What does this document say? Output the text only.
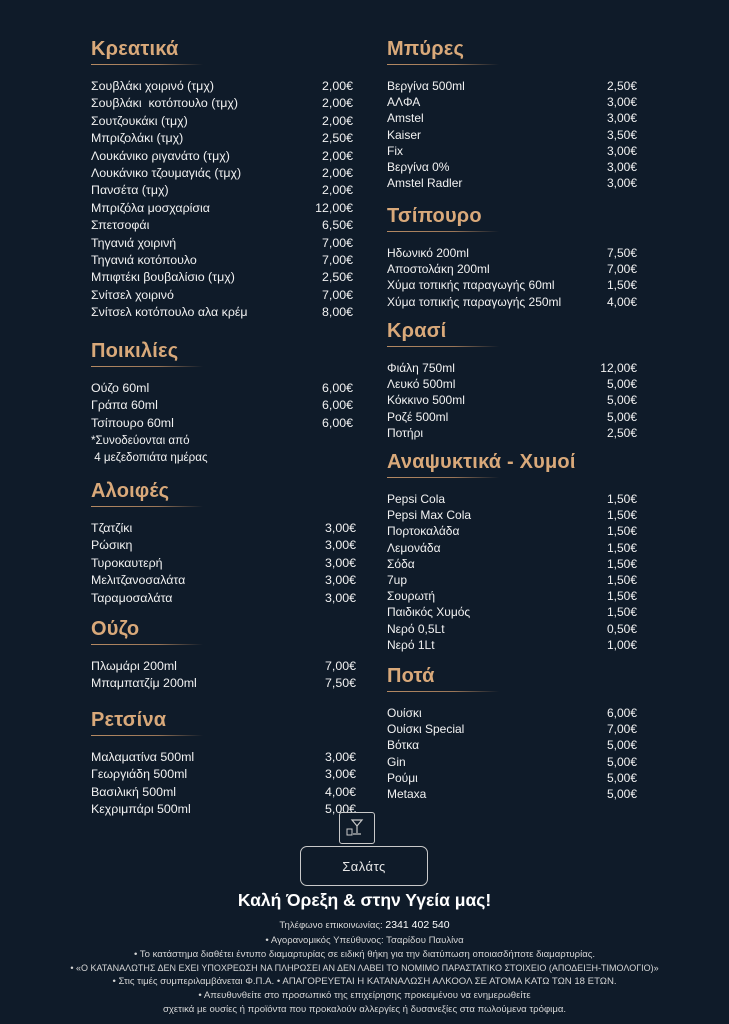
Κρεατικά
Σουβλάκι χοιρινό (τμχ)	2,00€
Σουβλάκι  κοτόπουλο (τμχ)	2,00€
Σουτζουκάκι (τμχ)	2,00€
Μπριζολάκι (τμχ)	2,50€
Λουκάνικο ριγανάτο (τμχ)	2,00€
Λουκάνικο τζουμαγιάς (τμχ)	2,00€
Πανσέτα (τμχ)	2,00€
Μπριζόλα μοσχαρίσια	12,00€
Σπετσοφάι	6,50€
Τηγανιά χοιρινή	7,00€
Τηγανιά κοτόπουλο	7,00€
Μπιφτέκι βουβαλίσιο (τμχ)	2,50€
Σνίτσελ χοιρινό	7,00€
Σνίτσελ κοτόπουλο αλα κρέμ	8,00€
Ποικιλίες
Ούζο 60ml	6,00€
Γράπα 60ml	6,00€
Τσίπουρο 60ml	6,00€
*Συνοδεύονται από
4 μεζεδοπιάτα ημέρας
Αλοιφές
Τζατζίκι	3,00€
Ρώσικη	3,00€
Τυροκαυτερή	3,00€
Μελιτζανοσαλάτα	3,00€
Ταραμοσαλάτα	3,00€
Ούζο
Πλωμάρι 200ml	7,00€
Μπαμπατζίμ 200ml	7,50€
Ρετσίνα
Μαλαματίνα 500ml	3,00€
Γεωργιάδη 500ml	3,00€
Βασιλική 500ml	4,00€
Κεχριμπάρι 500ml	5,00€
Μπύρες
Βεργίνα 500ml	2,50€
ΑΛΦΑ	3,00€
Amstel	3,00€
Kaiser	3,50€
Fix	3,00€
Βεργίνα 0%	3,00€
Amstel Radler	3,00€
Τσίπουρο
Ηδωνικό 200ml	7,50€
Αποστολάκη 200ml	7,00€
Χύμα τοπικής παραγωγής 60ml	1,50€
Χύμα τοπικής παραγωγής 250ml	4,00€
Κρασί
Φιάλη 750ml	12,00€
Λευκό 500ml	5,00€
Κόκκινο 500ml	5,00€
Ροζέ 500ml	5,00€
Ποτήρι	2,50€
Αναψυκτικά - Χυμοί
Pepsi Cola	1,50€
Pepsi Max Cola	1,50€
Πορτοκαλάδα	1,50€
Λεμονάδα	1,50€
Σόδα	1,50€
7up	1,50€
Σουρωτή	1,50€
Παιδικός Χυμός	1,50€
Νερό 0,5Lt	0,50€
Νερό 1Lt	1,00€
Ποτά
Ουίσκι	6,00€
Ουίσκι Special	7,00€
Βότκα	5,00€
Gin	5,00€
Ρούμι	5,00€
Metaxa	5,00€
Σαλάτς
Καλή Όρεξη & στην Υγεία μας!
Τηλέφωνο επικοινωνίας: 2341 402 540
• Αγορανομικός Υπεύθυνος: Τσαρίδου Παυλίνα
• Το κατάστημα διαθέτει έντυπο διαμαρτυρίας σε ειδική θήκη για την διατύπωση οποιασδήποτε διαμαρτυρίας.
• «Ο ΚΑΤΑΝΑΛΩΤΗΣ ΔΕΝ ΕΧΕΙ ΥΠΟΧΡΕΩΣΗ ΝΑ ΠΛΗΡΩΣΕΙ ΑΝ ΔΕΝ ΛΑΒΕΙ ΤΟ ΝΟΜΙΜΟ ΠΑΡΑΣΤΑΤΙΚΟ ΣΤΟΙΧΕΙΟ (ΑΠΟΔΕΙΞΗ-ΤΙΜΟΛΟΓΙΟ)»
• Στις τιμές συμπεριλαμβάνεται Φ.Π.Α. • ΑΠΑΓΟΡΕΥΕΤΑΙ Η ΚΑΤΑΝΑΛΩΣΗ ΑΛΚΟΟΛ ΣΕ ΑΤΟΜΑ ΚΑΤΩ ΤΩΝ 18 ΕΤΩΝ.
• Απευθυνθείτε στο προσωπικό της επιχείρησης προκειμένου να ενημερωθείτε
σχετικά με ουσίες ή προϊόντα που προκαλούν αλλεργίες ή δυσανεξίες στα πωλούμενα τρόφιμα.
